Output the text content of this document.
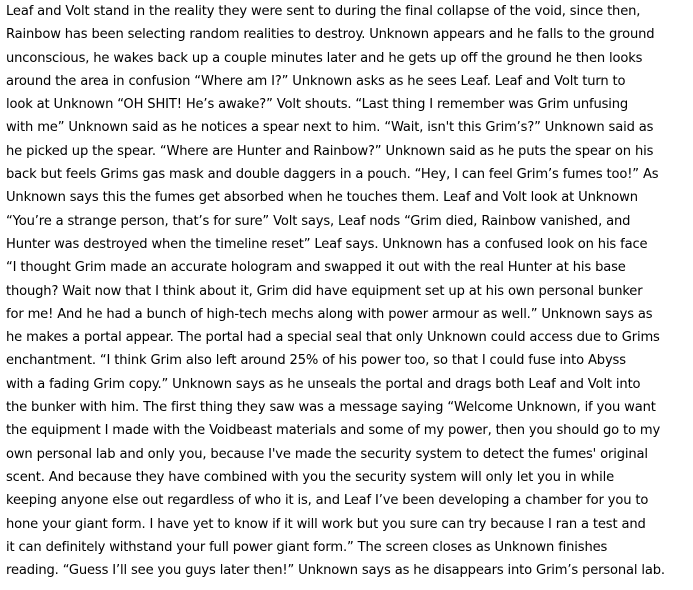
Leaf and Volt stand in the reality they were sent to during the final collapse of the void, since then,
Rainbow has been selecting random realities to destroy. Unknown appears and he falls to the ground
unconscious, he wakes back up a couple minutes later and he gets up off the ground he then looks
around the area in confusion “Where am I?” Unknown asks as he sees Leaf. Leaf and Volt turn to
look at Unknown “OH SHIT! He’s awake?” Volt shouts. “Last thing I remember was Grim unfusing
with me” Unknown said as he notices a spear next to him. “Wait, isn't this Grim’s?” Unknown said as
he picked up the spear. “Where are Hunter and Rainbow?” Unknown said as he puts the spear on his
back but feels Grims gas mask and double daggers in a pouch. “Hey, I can feel Grim’s fumes too!” As
Unknown says this the fumes get absorbed when he touches them. Leaf and Volt look at Unknown
“You’re a strange person, that’s for sure” Volt says, Leaf nods “Grim died, Rainbow vanished, and
Hunter was destroyed when the timeline reset” Leaf says. Unknown has a confused look on his face
“I thought Grim made an accurate hologram and swapped it out with the real Hunter at his base
though? Wait now that I think about it, Grim did have equipment set up at his own personal bunker
for me! And he had a bunch of high-tech mechs along with power armour as well.” Unknown says as
he makes a portal appear. The portal had a special seal that only Unknown could access due to Grims
enchantment. “I think Grim also left around 25% of his power too, so that I could fuse into Abyss
with a fading Grim copy.” Unknown says as he unseals the portal and drags both Leaf and Volt into
the bunker with him. The first thing they saw was a message saying “Welcome Unknown, if you want
the equipment I made with the Voidbeast materials and some of my power, then you should go to my
own personal lab and only you, because I've made the security system to detect the fumes' original
scent. And because they have combined with you the security system will only let you in while
keeping anyone else out regardless of who it is, and Leaf I’ve been developing a chamber for you to
hone your giant form. I have yet to know if it will work but you sure can try because I ran a test and
it can definitely withstand your full power giant form.” The screen closes as Unknown finishes
reading. “Guess I’ll see you guys later then!” Unknown says as he disappears into Grim’s personal lab.
